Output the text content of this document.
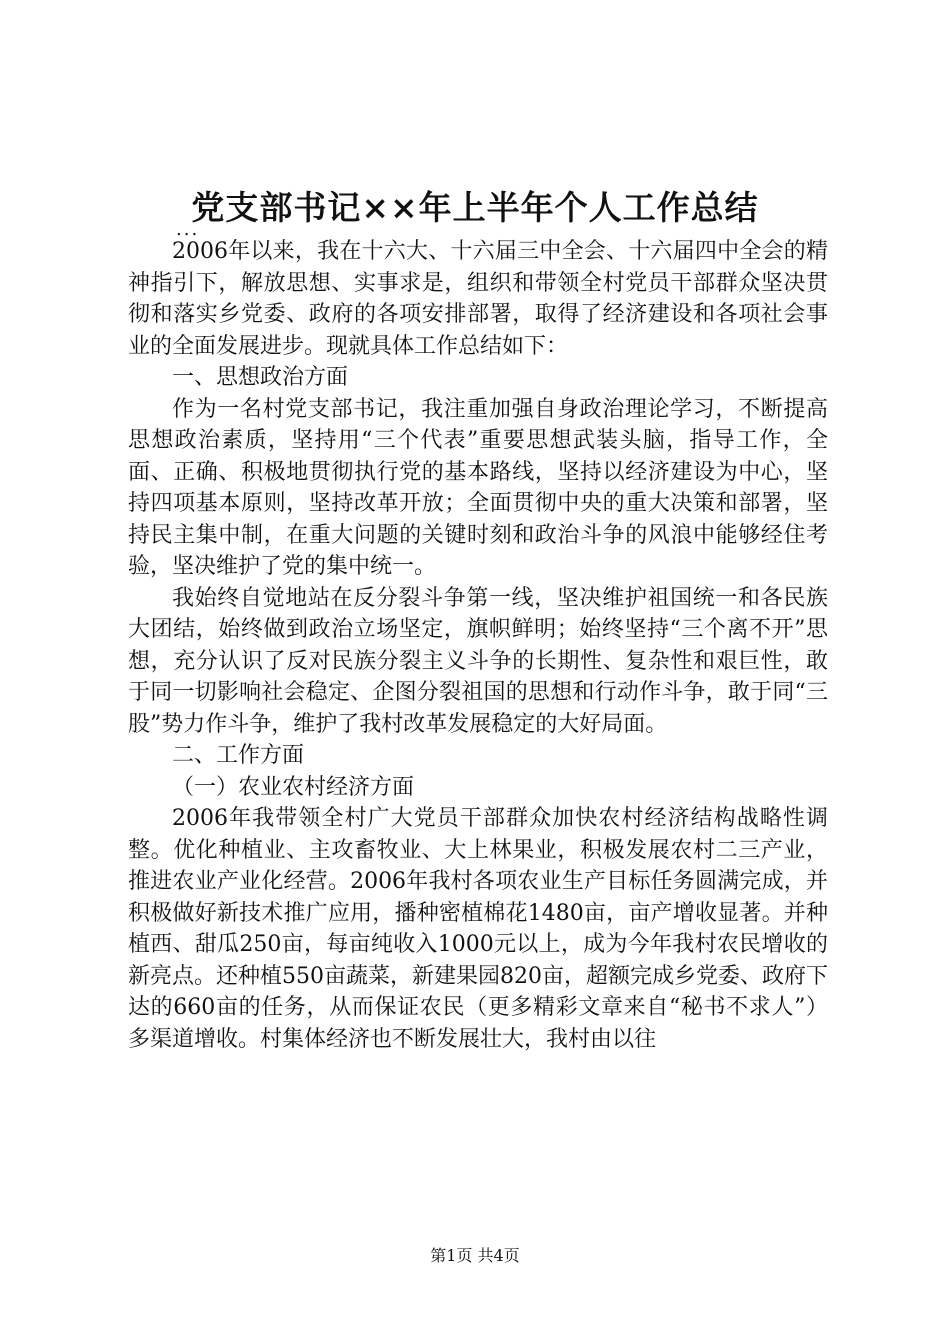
党支部书记××年上半年个人工作总结
...

2006年以来，我在十六大、十六届三中全会、十六届四中全会的精神指引下，解放思想、实事求是，组织和带领全村党员干部群众坚决贯彻和落实乡党委、政府的各项安排部署，取得了经济建设和各项社会事业的全面发展进步。现就具体工作总结如下：

一、思想政治方面

作为一名村党支部书记，我注重加强自身政治理论学习，不断提高思想政治素质，坚持用“三个代表”重要思想武装头脑，指导工作，全面、正确、积极地贯彻执行党的基本路线，坚持以经济建设为中心，坚持四项基本原则，坚持改革开放；全面贯彻中央的重大决策和部署，坚持民主集中制，在重大问题的关键时刻和政治斗争的风浪中能够经住考验，坚决维护了党的集中统一。

我始终自觉地站在反分裂斗争第一线，坚决维护祖国统一和各民族大团结，始终做到政治立场坚定，旗帜鲜明；始终坚持“三个离不开”思想，充分认识了反对民族分裂主义斗争的长期性、复杂性和艰巨性，敢于同一切影响社会稳定、企图分裂祖国的思想和行动作斗争，敢于同“三股”势力作斗争，维护了我村改革发展稳定的大好局面。

二、工作方面

（一）农业农村经济方面

2006年我带领全村广大党员干部群众加快农村经济结构战略性调整。优化种植业、主攻畜牧业、大上林果业，积极发展农村二三产业，推进农业产业化经营。2006年我村各项农业生产目标任务圆满完成，并积极做好新技术推广应用，播种密植棉花1480亩，亩产增收显著。并种植西、甜瓜250亩，每亩纯收入1000元以上，成为今年我村农民增收的新亮点。还种植550亩蔬菜，新建果园820亩，超额完成乡党委、政府下达的660亩的任务，从而保证农民（更多精彩文章来自“秘书不求人”）多渠道增收。村集体经济也不断发展壮大，我村由以往

第1页 共4页
